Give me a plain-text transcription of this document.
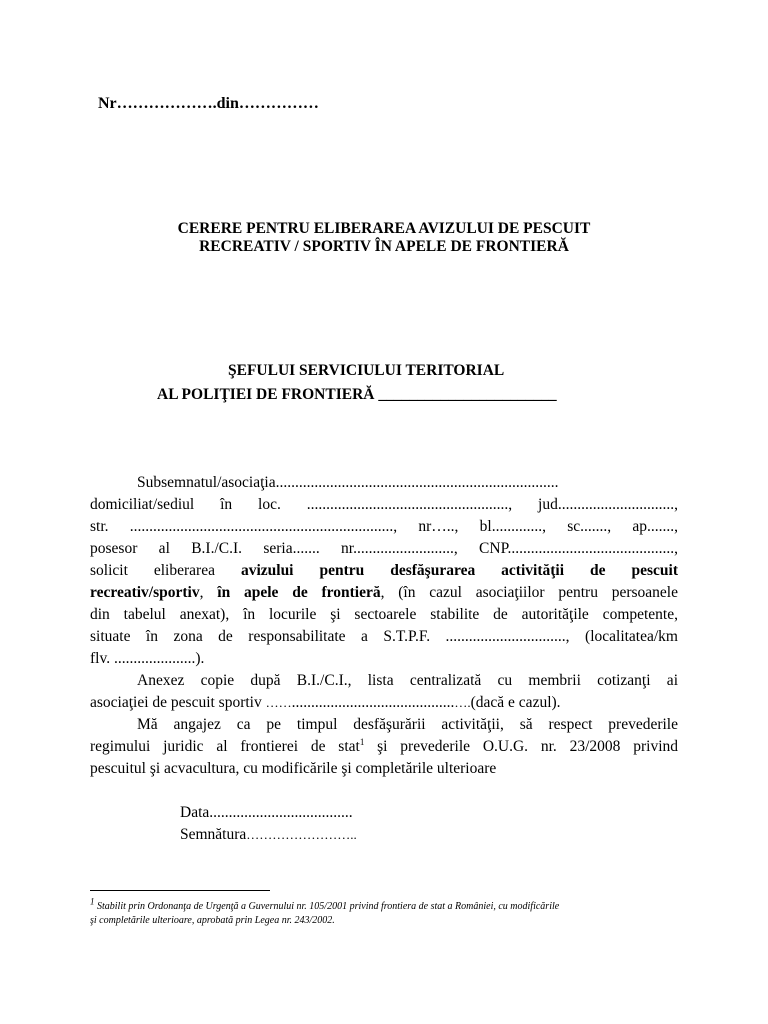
Nr……………….din……………
CERERE PENTRU ELIBERAREA AVIZULUI DE PESCUIT
RECREATIV / SPORTIV ÎN APELE DE FRONTIERĂ
ŞEFULUI SERVICIULUI TERITORIAL
AL POLIŢIEI DE FRONTIERĂ _______________________
Subsemnatul/asociaţia.........................................................................
domiciliat/sediul în loc. ...................................................., jud..............................,
str. ...................................................................., nr….., bl............., sc......., ap.......,
posesor al B.I./C.I. seria....... nr.........................., CNP...........................................,
solicit eliberarea avizului pentru desfăşurarea activităţii de pescuit
recreativ/sportiv, în apele de frontieră, (în cazul asociaţiilor pentru persoanele
din tabelul anexat), în locurile şi sectoarele stabilite de autorităţile competente,
situate în zona de responsabilitate a S.T.P.F. ..............................., (localitatea/km
flv. .....................).
Anexez copie după B.I./C.I., lista centralizată cu membrii cotizanţi ai
asociaţiei de pescuit sportiv ……..........................................….(dacă e cazul).
Mă angajez ca pe timpul desfăşurării activităţii, să respect prevederile
regimului juridic al frontierei de stat$^1$ şi prevederile O.U.G. nr. 23/2008 privind
pescuitul şi acvacultura, cu modificările şi completările ulterioare
Data.....................................
Semnătura……………………..
$^1$ Stabilit prin Ordonanţa de Urgenţă a Guvernului nr. 105/2001 privind frontiera de stat a României, cu modificările
şi completările ulterioare, aprobată prin Legea nr. 243/2002.
